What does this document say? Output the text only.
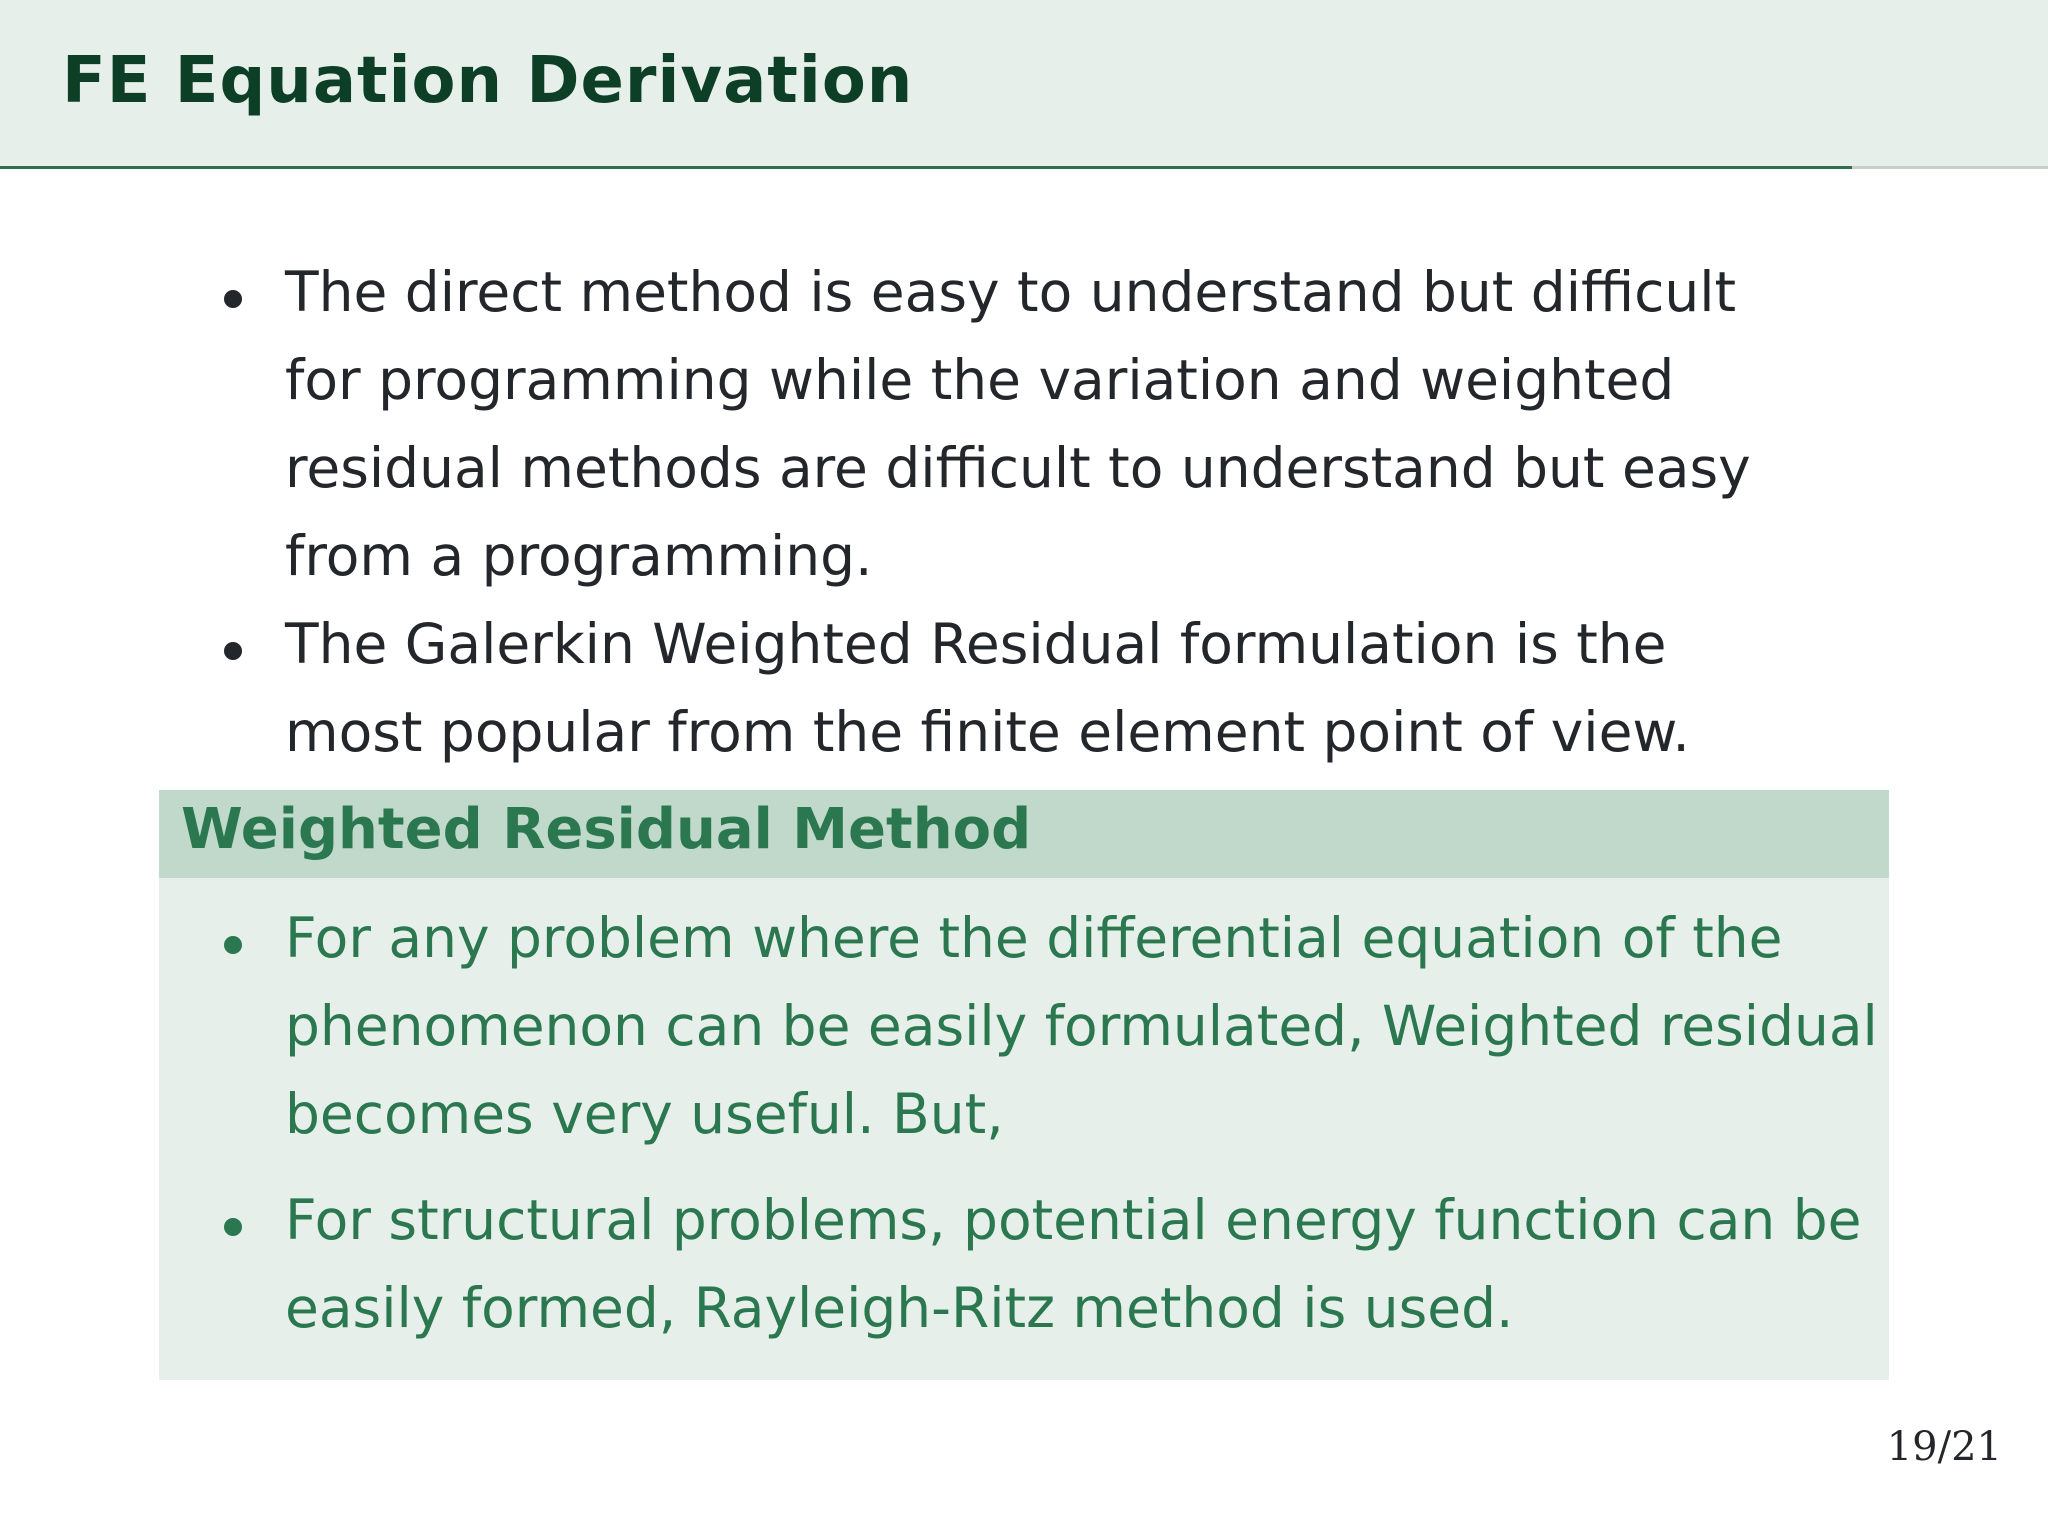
FE Equation Derivation
The direct method is easy to understand but difficult for programming while the variation and weighted residual methods are difficult to understand but easy from a programming.
The Galerkin Weighted Residual formulation is the most popular from the finite element point of view.
Weighted Residual Method
For any problem where the differential equation of the phenomenon can be easily formulated, Weighted residual becomes very useful. But,
For structural problems, potential energy function can be easily formed, Rayleigh-Ritz method is used.
19/21
